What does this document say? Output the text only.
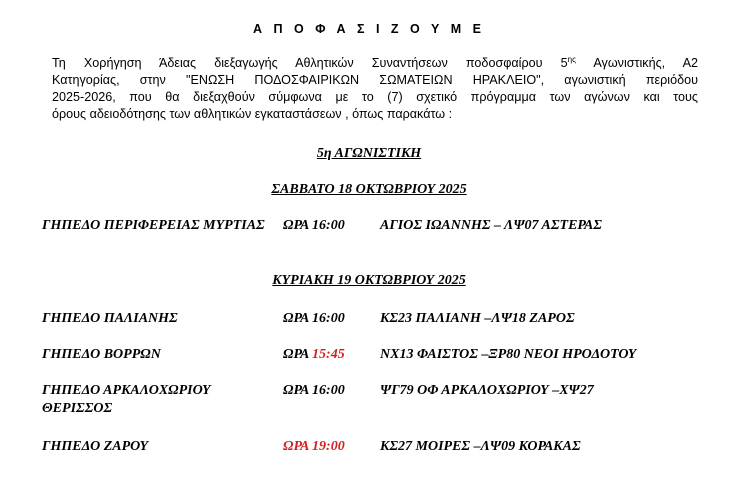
Α Π Ο Φ Α Σ Ι Ζ Ο Υ Μ Ε
Τη Χορήγηση Άδειας διεξαγωγής Αθλητικών Συναντήσεων ποδοσφαίρου $5^{\eta\varsigma}$ Αγωνιστικής, Α2
Κατηγορίας, στην "ΕΝΩΣΗ ΠΟΔΟΣΦΑΙΡΙΚΩΝ ΣΩΜΑΤΕΙΩΝ ΗΡΑΚΛΕΙΟ", αγωνιστική περιόδου
2025-2026, που θα διεξαχθούν σύμφωνα με το (7) σχετικό πρόγραμμα των αγώνων και τους
όρους αδειοδότησης των αθλητικών εγκαταστάσεων , όπως παρακάτω :
5η ΑΓΩΝΙΣΤΙΚΗ
ΣΑΒΒΑΤΟ 18 ΟΚΤΩΒΡΙΟΥ 2025
ΓΗΠΕΔΟ ΠΕΡΙΦΕΡΕΙΑΣ ΜΥΡΤΙΑΣ	ΩΡΑ 16:00	ΑΓΙΟΣ ΙΩΑΝΝΗΣ – ΛΨ07 ΑΣΤΕΡΑΣ
ΚΥΡΙΑΚΗ 19 ΟΚΤΩΒΡΙΟΥ 2025
ΓΗΠΕΔΟ ΠΑΛΙΑΝΗΣ	ΩΡΑ 16:00	ΚΣ23 ΠΑΛΙΑΝΗ –ΛΨ18 ΖΑΡΟΣ
ΓΗΠΕΔΟ ΒΟΡΡΩΝ	ΩΡΑ 15:45	ΝΧ13 ΦΑΙΣΤΟΣ –ΞΡ80 ΝΕΟΙ ΗΡΟΔΟΤΟΥ
ΓΗΠΕΔΟ ΑΡΚΑΛΟΧΩΡΙΟΥ ΘΕΡΙΣΣΟΣ
ΩΡΑ 16:00	ΨΓ79 ΟΦ ΑΡΚΑΛΟΧΩΡΙΟΥ –ΧΨ27
ΓΗΠΕΔΟ ΖΑΡΟΥ	ΩΡΑ 19:00	ΚΣ27 ΜΟΙΡΕΣ –ΛΨ09 ΚΟΡΑΚΑΣ
